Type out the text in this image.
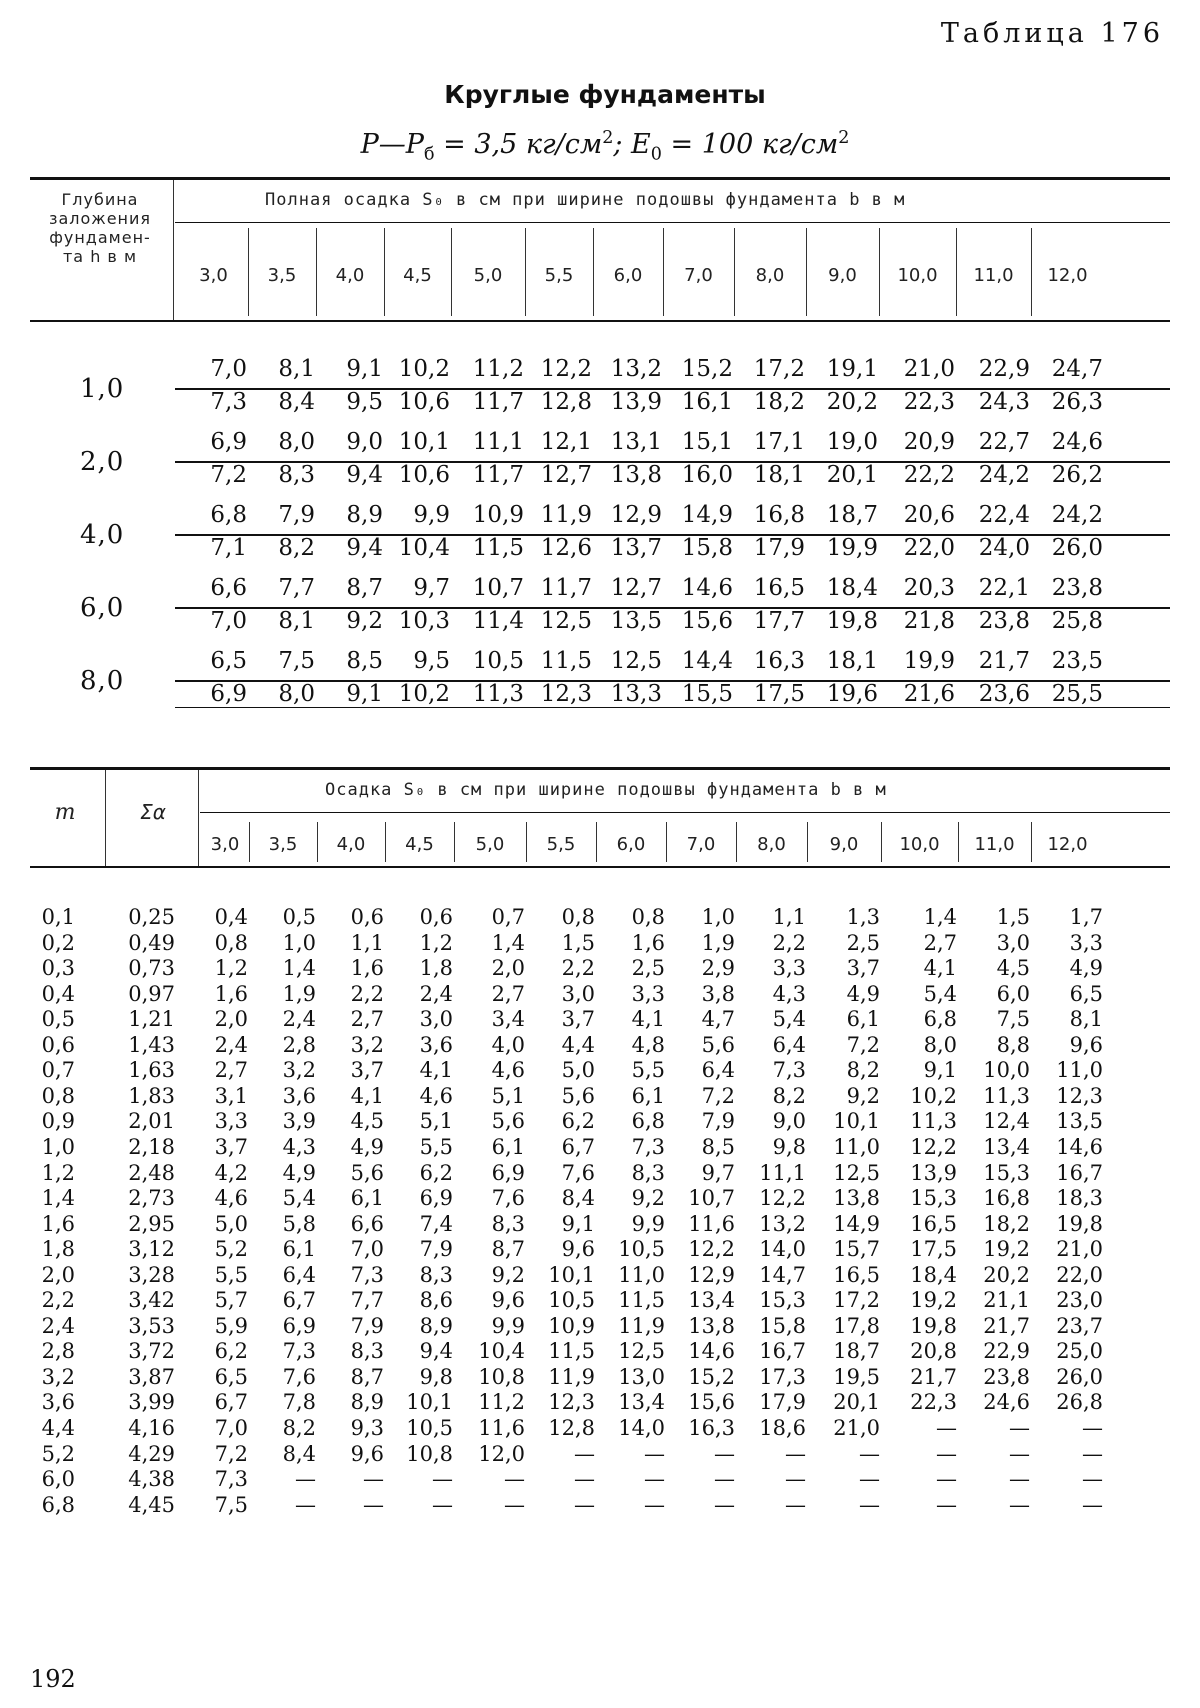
Таблица 176
Круглые фундаменты
$P—P_б = 3,5$ $кг/см^2$; $E_0 = 100$ $кг/см^2$
Глубина
заложения
фундамен-
та h в м
Полная осадка S₀ в см при ширине подошвы фундамента b в м
3,0	3,5	4,0	4,5	5,0	5,5	6,0	7,0	8,0	9,0	10,0	11,0	12,0
1,0
7,0	8,1	9,1 10,2 11,2 12,2 13,2 15,2 17,2 19,1	21,0	22,9 24,7
7,3	8,4	9,5 10,6 11,7 12,8 13,9 16,1 18,2 20,2	22,3	24,3 26,3
2,0
6,9	8,0	9,0 10,1 11,1 12,1 13,1 15,1 17,1 19,0	20,9	22,7 24,6
7,2	8,3	9,4 10,6 11,7 12,7 13,8 16,0 18,1 20,1	22,2	24,2 26,2
4,0
6,8	7,9	8,9	9,9 10,9 11,9 12,9 14,9 16,8 18,7	20,6	22,4 24,2
7,1	8,2	9,4 10,4 11,5 12,6 13,7 15,8 17,9 19,9	22,0	24,0 26,0
6,0
6,6	7,7	8,7	9,7 10,7 11,7 12,7 14,6 16,5 18,4	20,3	22,1 23,8
7,0	8,1	9,2 10,3 11,4 12,5 13,5 15,6 17,7 19,8	21,8	23,8 25,8
8,0
6,5	7,5	8,5	9,5 10,5 11,5 12,5 14,4 16,3 18,1	19,9	21,7 23,5
6,9	8,0	9,1 10,2 11,3 12,3 13,3 15,5 17,5 19,6	21,6	23,6 25,5
m	Σα
Осадка S₀ в см при ширине подошвы фундамента b в м
3,0	3,5	4,0	4,5	5,0	5,5	6,0	7,0	8,0	9,0	10,0	11,0	12,0
0,1	0,25	0,4	0,5	0,6	0,6	0,7	0,8	0,8	1,0	1,1	1,3	1,4	1,5	1,7
0,2	0,49	0,8	1,0	1,1	1,2	1,4	1,5	1,6	1,9	2,2	2,5	2,7	3,0	3,3
0,3	0,73	1,2	1,4	1,6	1,8	2,0	2,2	2,5	2,9	3,3	3,7	4,1	4,5	4,9
0,4	0,97	1,6	1,9	2,2	2,4	2,7	3,0	3,3	3,8	4,3	4,9	5,4	6,0	6,5
0,5	1,21	2,0	2,4	2,7	3,0	3,4	3,7	4,1	4,7	5,4	6,1	6,8	7,5	8,1
0,6	1,43	2,4	2,8	3,2	3,6	4,0	4,4	4,8	5,6	6,4	7,2	8,0	8,8	9,6
0,7	1,63	2,7	3,2	3,7	4,1	4,6	5,0	5,5	6,4	7,3	8,2	9,1	10,0	11,0
0,8	1,83	3,1	3,6	4,1	4,6	5,1	5,6	6,1	7,2	8,2	9,2	10,2	11,3	12,3
0,9	2,01	3,3	3,9	4,5	5,1	5,6	6,2	6,8	7,9	9,0	10,1	11,3	12,4	13,5
1,0	2,18	3,7	4,3	4,9	5,5	6,1	6,7	7,3	8,5	9,8	11,0	12,2	13,4	14,6
1,2	2,48	4,2	4,9	5,6	6,2	6,9	7,6	8,3	9,7	11,1	12,5	13,9	15,3	16,7
1,4	2,73	4,6	5,4	6,1	6,9	7,6	8,4	9,2	10,7	12,2	13,8	15,3	16,8	18,3
1,6	2,95	5,0	5,8	6,6	7,4	8,3	9,1	9,9	11,6	13,2	14,9	16,5	18,2	19,8
1,8	3,12	5,2	6,1	7,0	7,9	8,7	9,6	10,5	12,2	14,0	15,7	17,5	19,2	21,0
2,0	3,28	5,5	6,4	7,3	8,3	9,2	10,1	11,0	12,9	14,7	16,5	18,4	20,2	22,0
2,2	3,42	5,7	6,7	7,7	8,6	9,6	10,5	11,5	13,4	15,3	17,2	19,2	21,1	23,0
2,4	3,53	5,9	6,9	7,9	8,9	9,9	10,9	11,9	13,8	15,8	17,8	19,8	21,7	23,7
2,8	3,72	6,2	7,3	8,3	9,4	10,4	11,5	12,5	14,6	16,7	18,7	20,8	22,9	25,0
3,2	3,87	6,5	7,6	8,7	9,8	10,8	11,9	13,0	15,2	17,3	19,5	21,7	23,8	26,0
3,6	3,99	6,7	7,8	8,9	10,1	11,2	12,3	13,4	15,6	17,9	20,1	22,3	24,6	26,8
4,4	4,16	7,0	8,2	9,3	10,5	11,6	12,8	14,0	16,3	18,6	21,0	—	—	—
5,2	4,29	7,2	8,4	9,6	10,8	12,0	—	—	—	—	—	—	—	—
6,0	4,38	7,3	—	—	—	—	—	—	—	—	—	—	—	—
6,8	4,45	7,5	—	—	—	—	—	—	—	—	—	—	—	—
192
